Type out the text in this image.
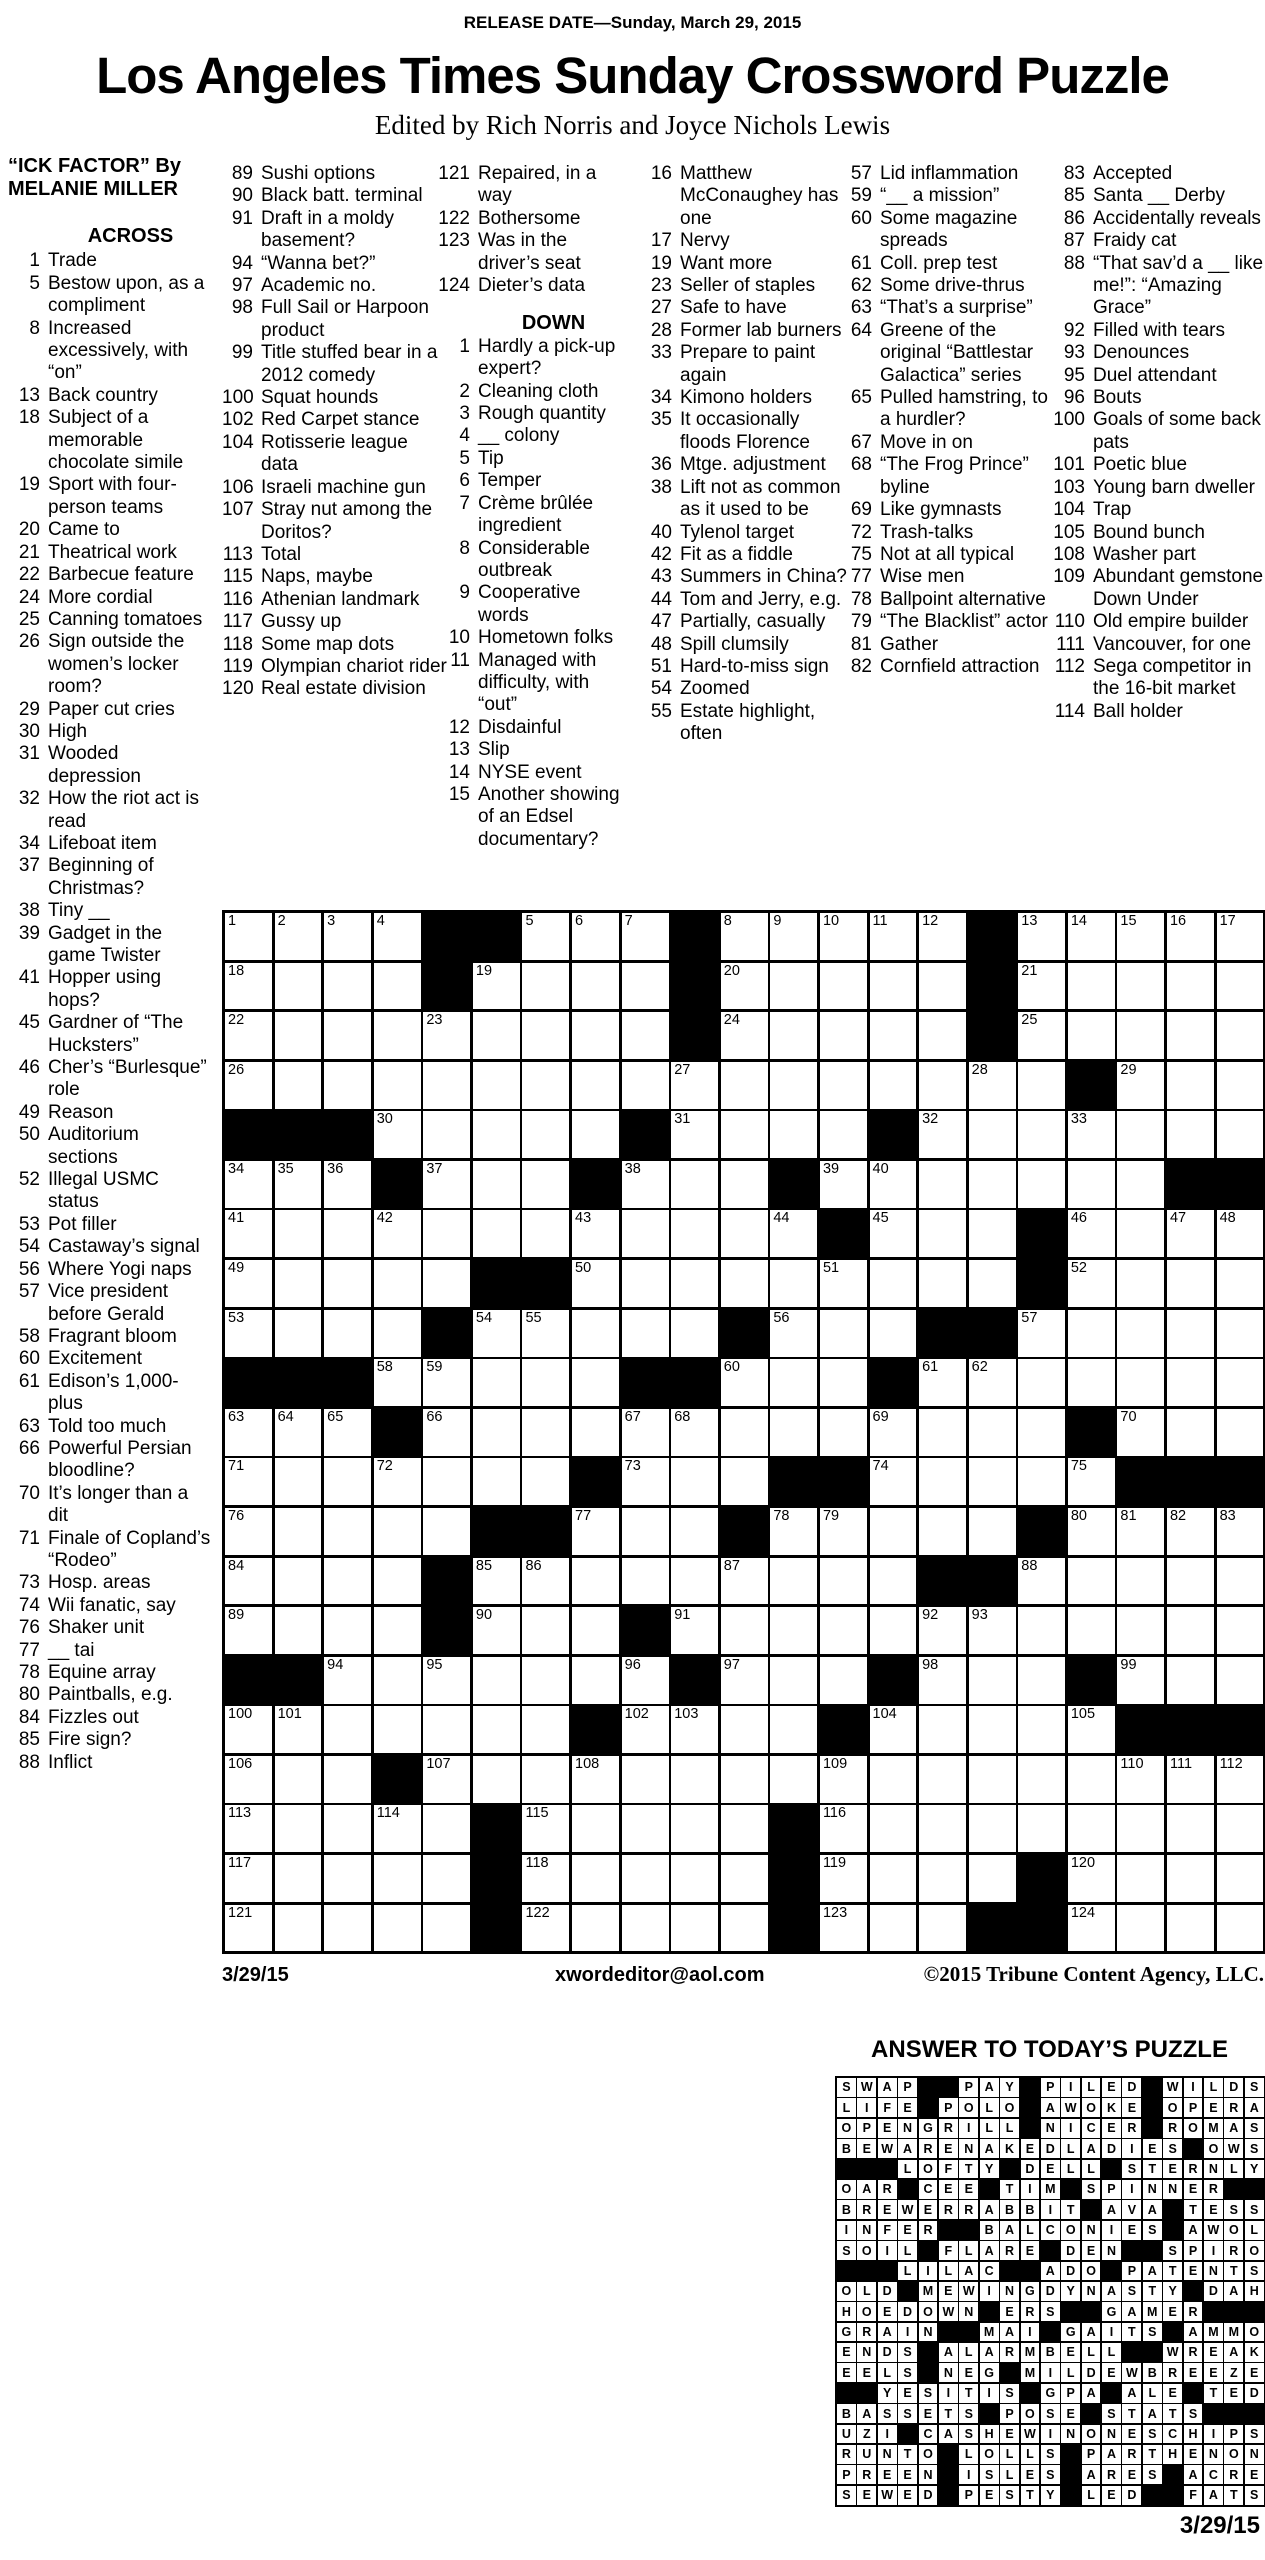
RELEASE DATE—Sunday, March 29, 2015
Los Angeles Times Sunday Crossword Puzzle
Edited by Rich Norris and Joyce Nichols Lewis
“ICK FACTOR” By MELANIE MILLER
ACROSS
1 Trade
5 Bestow upon, as a compliment
8 Increased excessively, with “on”
13 Back country
18 Subject of a memorable chocolate simile
19 Sport with four-person teams
20 Came to
21 Theatrical work
22 Barbecue feature
24 More cordial
25 Canning tomatoes
26 Sign outside the women’s locker room?
29 Paper cut cries
30 High
31 Wooded depression
32 How the riot act is read
34 Lifeboat item
37 Beginning of Christmas?
38 Tiny __
39 Gadget in the game Twister
41 Hopper using hops?
45 Gardner of “The Hucksters”
46 Cher’s “Burlesque” role
49 Reason
50 Auditorium sections
52 Illegal USMC status
53 Pot filler
54 Castaway’s signal
56 Where Yogi naps
57 Vice president before Gerald
58 Fragrant bloom
60 Excitement
61 Edison’s 1,000-plus
63 Told too much
66 Powerful Persian bloodline?
70 It’s longer than a dit
71 Finale of Copland’s “Rodeo”
73 Hosp. areas
74 Wii fanatic, say
76 Shaker unit
77 __ tai
78 Equine array
80 Paintballs, e.g.
84 Fizzles out
85 Fire sign?
88 Inflict
89 Sushi options
90 Black batt. terminal
91 Draft in a moldy basement?
94 “Wanna bet?”
97 Academic no.
98 Full Sail or Harpoon product
99 Title stuffed bear in a 2012 comedy
100 Squat hounds
102 Red Carpet stance
104 Rotisserie league data
106 Israeli machine gun
107 Stray nut among the Doritos?
113 Total
115 Naps, maybe
116 Athenian landmark
117 Gussy up
118 Some map dots
119 Olympian chariot rider
120 Real estate division
121 Repaired, in a way
122 Bothersome
123 Was in the driver’s seat
124 Dieter’s data
DOWN
1 Hardly a pick-up expert?
2 Cleaning cloth
3 Rough quantity
4 __ colony
5 Tip
6 Temper
7 Crème brûlée ingredient
8 Considerable outbreak
9 Cooperative words
10 Hometown folks
11 Managed with difficulty, with “out”
12 Disdainful
13 Slip
14 NYSE event
15 Another showing of an Edsel documentary?
16 Matthew McConaughey has one
17 Nervy
19 Want more
23 Seller of staples
27 Safe to have
28 Former lab burners
33 Prepare to paint again
34 Kimono holders
35 It occasionally floods Florence
36 Mtge. adjustment
38 Lift not as common as it used to be
40 Tylenol target
42 Fit as a fiddle
43 Summers in China?
44 Tom and Jerry, e.g.
47 Partially, casually
48 Spill clumsily
51 Hard-to-miss sign
54 Zoomed
55 Estate highlight, often
57 Lid inflammation
59 “__ a mission”
60 Some magazine spreads
61 Coll. prep test
62 Some drive-thrus
63 “That’s a surprise”
64 Greene of the original “Battlestar Galactica” series
65 Pulled hamstring, to a hurdler?
67 Move in on
68 “The Frog Prince” byline
69 Like gymnasts
72 Trash-talks
75 Not at all typical
77 Wise men
78 Ballpoint alternative
79 “The Blacklist” actor
81 Gather
82 Cornfield attraction
83 Accepted
85 Santa __ Derby
86 Accidentally reveals
87 Fraidy cat
88 “That sav’d a __ like me!”: “Amazing Grace”
92 Filled with tears
93 Denounces
95 Duel attendant
96 Bouts
100 Goals of some back pats
101 Poetic blue
103 Young barn dweller
104 Trap
105 Bound bunch
108 Washer part
109 Abundant gemstone Down Under
110 Old empire builder
111 Vancouver, for one
112 Sega competitor in the 16-bit market
114 Ball holder
1	2	3	4	5	6	7	8	9	10 11 12	13 14 15 16 17
18	19	20	21
22	23	24	25
26	27	28	29
30	31	32	33
34 35 36	37	38	39 40
41	42	43	44	45	46	47 48
49	50	51	52
53	54 55	56	57
58 59	60	61 62
63 64 65	66	67 68	69	70
71	72	73	74	75
76	77	78 79	80 81 82 83
84	85 86	87	88
89	90	91	92 93
94	95	96	97	98	99
100 101	102 103	104	105
106	107	108	109	110 111 112
113	114	115	116
117	118	119	120
121	122	123	124
3/29/15	xwordeditor@aol.com	©2015 Tribune Content Agency, LLC.
ANSWER TO TODAY’S PUZZLE
S W A P	P A Y	P	I	L E D	W	I	L D S
L	I	F E	P O L O	A W O K E	O P E R A
O P E N G R	I	L	L	N	I	C E R	R O M A S
B E W A R E N A K E D L A D	I	E S	O W S
L O F	T Y	D E L	L	S T E R N L Y
O A R	C E E	T	I	M	S P	I	N N E R
B R E W E R R A B B	I	T	A V A	T E S S
I	N F E R	B A L C O N	I	E S	A W O L
S O	I	L	F	L A R E	D E N	S P	I	R O
L	I	L A C	A D O	P A T E N T S
O L D	M E W	I	N G D Y N A S T Y	D A H
H O E D O W N	E R S	G A M E R
G R A	I	N	M A	I	G A	I	T S	A M M O
E N D S	A L A R M B E L	L	W R E A K
E E L S	N E G	M	I	L D E W B R E E Z E
Y E S	I	T	I	S	G P A	A L E	T E D
B A S S E T S	P O S E	S T A T S
U Z	I	C A S H E W	I	N O N E S C H	I	P S
R U N T O	L O L	L S	P A R T H E N O N
P R E E N	I	S L E S	A R E S	A C R E
S E W E D	P E S T Y	L E D	F A T S
3/29/15
